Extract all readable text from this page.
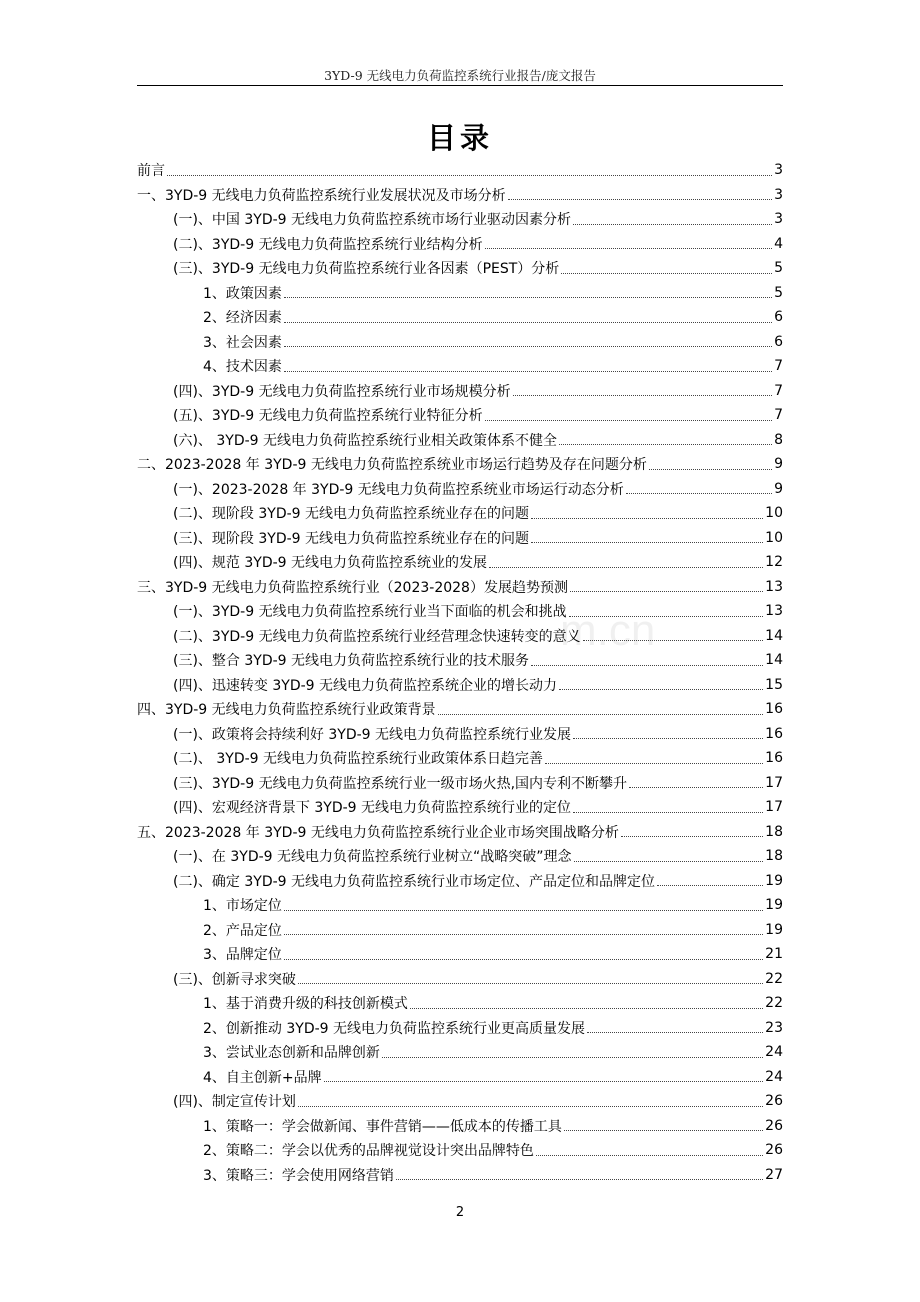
3YD-9 无线电力负荷监控系统行业报告/庞文报告
目录
前言	3
一、3YD-9 无线电力负荷监控系统行业发展状况及市场分析	3
(一)、中国 3YD-9 无线电力负荷监控系统市场行业驱动因素分析	3
(二)、3YD-9 无线电力负荷监控系统行业结构分析	4
(三)、3YD-9 无线电力负荷监控系统行业各因素（PEST）分析	5
1、政策因素	5
2、经济因素	6
3、社会因素	6
4、技术因素	7
(四)、3YD-9 无线电力负荷监控系统行业市场规模分析	7
(五)、3YD-9 无线电力负荷监控系统行业特征分析	7
(六)、 3YD-9 无线电力负荷监控系统行业相关政策体系不健全	8
二、2023-2028 年 3YD-9 无线电力负荷监控系统业市场运行趋势及存在问题分析	9
(一)、2023-2028 年 3YD-9 无线电力负荷监控系统业市场运行动态分析	9
(二)、现阶段 3YD-9 无线电力负荷监控系统业存在的问题	10
(三)、现阶段 3YD-9 无线电力负荷监控系统业存在的问题	10
(四)、规范 3YD-9 无线电力负荷监控系统业的发展	12
三、3YD-9 无线电力负荷监控系统行业（2023-2028）发展趋势预测	13
(一)、3YD-9 无线电力负荷监控系统行业当下面临的机会和挑战	13
(二)、3YD-9 无线电力负荷监控系统行业经营理念快速转变的意义	14
(三)、整合 3YD-9 无线电力负荷监控系统行业的技术服务	14
(四)、迅速转变 3YD-9 无线电力负荷监控系统企业的增长动力	15
四、3YD-9 无线电力负荷监控系统行业政策背景	16
(一)、政策将会持续利好 3YD-9 无线电力负荷监控系统行业发展	16
(二)、 3YD-9 无线电力负荷监控系统行业政策体系日趋完善	16
(三)、3YD-9 无线电力负荷监控系统行业一级市场火热,国内专利不断攀升	17
(四)、宏观经济背景下 3YD-9 无线电力负荷监控系统行业的定位	17
五、2023-2028 年 3YD-9 无线电力负荷监控系统行业企业市场突围战略分析	18
(一)、在 3YD-9 无线电力负荷监控系统行业树立“战略突破”理念	18
(二)、确定 3YD-9 无线电力负荷监控系统行业市场定位、产品定位和品牌定位	19
1、市场定位	19
2、产品定位	19
3、品牌定位	21
(三)、创新寻求突破	22
1、基于消费升级的科技创新模式	22
2、创新推动 3YD-9 无线电力负荷监控系统行业更高质量发展	23
3、尝试业态创新和品牌创新	24
4、自主创新+品牌	24
(四)、制定宣传计划	26
1、策略一：学会做新闻、事件营销——低成本的传播工具	26
2、策略二：学会以优秀的品牌视觉设计突出品牌特色	26
3、策略三：学会使用网络营销	27
m.cn
2
